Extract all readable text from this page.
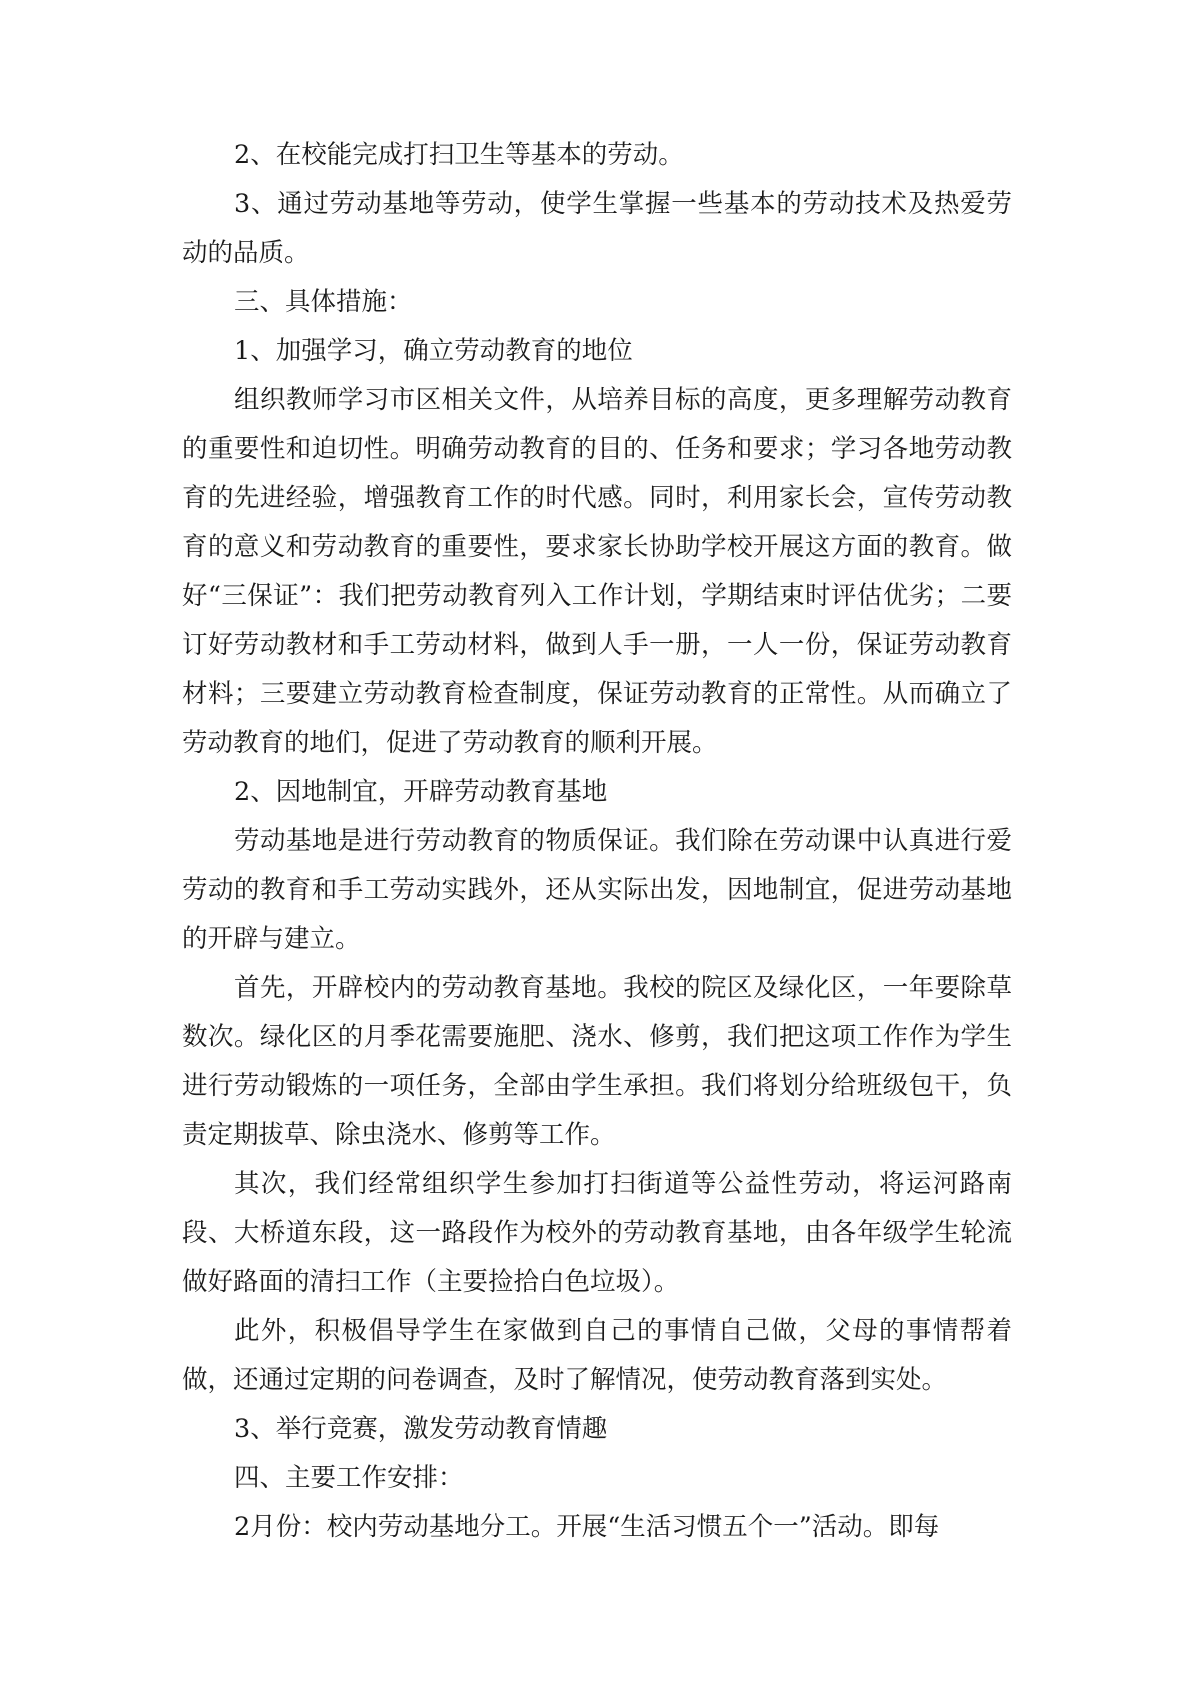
2、在校能完成打扫卫生等基本的劳动。

3、通过劳动基地等劳动，使学生掌握一些基本的劳动技术及热爱劳动的品质。

三、具体措施：

1、加强学习，确立劳动教育的地位

组织教师学习市区相关文件，从培养目标的高度，更多理解劳动教育的重要性和迫切性。明确劳动教育的目的、任务和要求；学习各地劳动教育的先进经验，增强教育工作的时代感。同时，利用家长会，宣传劳动教育的意义和劳动教育的重要性，要求家长协助学校开展这方面的教育。做好“三保证”：我们把劳动教育列入工作计划，学期结束时评估优劣；二要订好劳动教材和手工劳动材料，做到人手一册，一人一份，保证劳动教育材料；三要建立劳动教育检查制度，保证劳动教育的正常性。从而确立了劳动教育的地们，促进了劳动教育的顺利开展。

2、因地制宜，开辟劳动教育基地

劳动基地是进行劳动教育的物质保证。我们除在劳动课中认真进行爱劳动的教育和手工劳动实践外，还从实际出发，因地制宜，促进劳动基地的开辟与建立。

首先，开辟校内的劳动教育基地。我校的院区及绿化区，一年要除草数次。绿化区的月季花需要施肥、浇水、修剪，我们把这项工作作为学生进行劳动锻炼的一项任务，全部由学生承担。我们将划分给班级包干，负责定期拔草、除虫浇水、修剪等工作。

其次，我们经常组织学生参加打扫街道等公益性劳动，将运河路南段、大桥道东段，这一路段作为校外的劳动教育基地，由各年级学生轮流做好路面的清扫工作（主要捡拾白色垃圾）。

此外，积极倡导学生在家做到自己的事情自己做，父母的事情帮着做，还通过定期的问卷调查，及时了解情况，使劳动教育落到实处。

3、举行竞赛，激发劳动教育情趣

四、主要工作安排：

2月份：校内劳动基地分工。开展“生活习惯五个一”活动。即每
